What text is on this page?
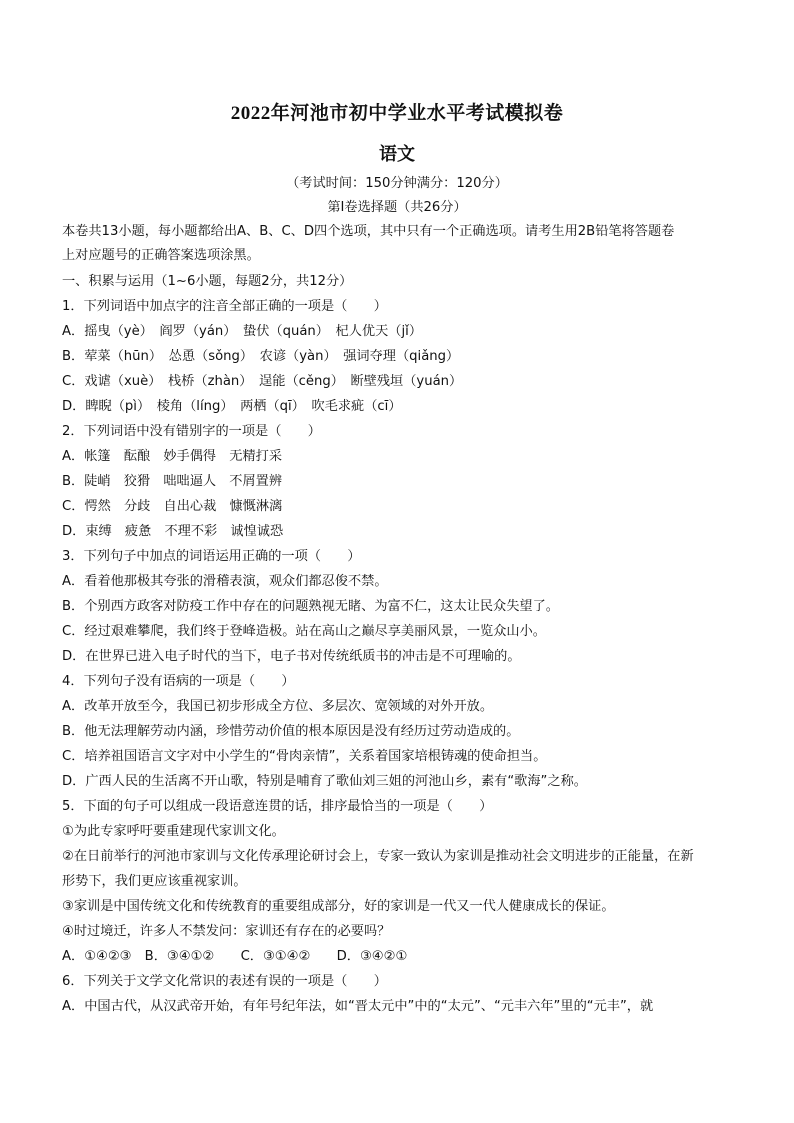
2022年河池市初中学业水平考试模拟卷
语文
（考试时间：150分钟满分：120分）
第Ⅰ卷选择题（共26分）
本卷共13小题，每小题都给出A、B、C、D四个选项，其中只有一个正确选项。请考生用2B铅笔将答题卷
上对应题号的正确答案选项涂黑。
一、积累与运用（1~6小题，每题2分，共12分）
1．下列词语中加点字的注音全部正确的一项是（　　）
A．摇曳（yè）　阎罗（yán）　蛰伏（quán）　杞人优天（jǐ）
B．荤菜（hūn）　怂恿（sǒng）　农谚（yàn）　强词夺理（qiǎng）
C．戏谑（xuè）　栈桥（zhàn）　逞能（cěng）　断壁残垣（yuán）
D．睥睨（pì）　棱角（líng）　两栖（qī）　吹毛求疵（cī）
2．下列词语中没有错别字的一项是（　　）
A．帐篷　酝酿　妙手偶得　无精打采
B．陡峭　狡猾　咄咄逼人　不屑置辨
C．愕然　分歧　自出心裁　慷慨淋漓
D．束缚　疲惫　不理不彩　诚惶诚恐
3．下列句子中加点的词语运用正确的一项（　　）
A．看着他那极其夸张的滑稽表演，观众们都忍俊不禁。
B．个别西方政客对防疫工作中存在的问题熟视无睹、为富不仁，这太让民众失望了。
C．经过艰难攀爬，我们终于登峰造极。站在高山之巅尽享美丽风景，一览众山小。
D．在世界已进入电子时代的当下，电子书对传统纸质书的冲击是不可理喻的。
4．下列句子没有语病的一项是（　　）
A．改革开放至今，我国已初步形成全方位、多层次、宽领域的对外开放。
B．他无法理解劳动内涵，珍惜劳动价值的根本原因是没有经历过劳动造成的。
C．培养祖国语言文字对中小学生的“骨肉亲情”，关系着国家培根铸魂的使命担当。
D．广西人民的生活离不开山歌，特别是哺育了歌仙刘三姐的河池山乡，素有“歌海”之称。
5．下面的句子可以组成一段语意连贯的话，排序最恰当的一项是（　　）
①为此专家呼吁要重建现代家训文化。
②在日前举行的河池市家训与文化传承理论研讨会上，专家一致认为家训是推动社会文明进步的正能量，在新
形势下，我们更应该重视家训。
③家训是中国传统文化和传统教育的重要组成部分，好的家训是一代又一代人健康成长的保证。
④时过境迁，许多人不禁发问：家训还有存在的必要吗？
A．①④②③　B．③④①②　　C．③①④②　　D．③④②①
6．下列关于文学文化常识的表述有误的一项是（　　）
A．中国古代，从汉武帝开始，有年号纪年法，如“晋太元中”中的“太元”、“元丰六年”里的“元丰”，就
